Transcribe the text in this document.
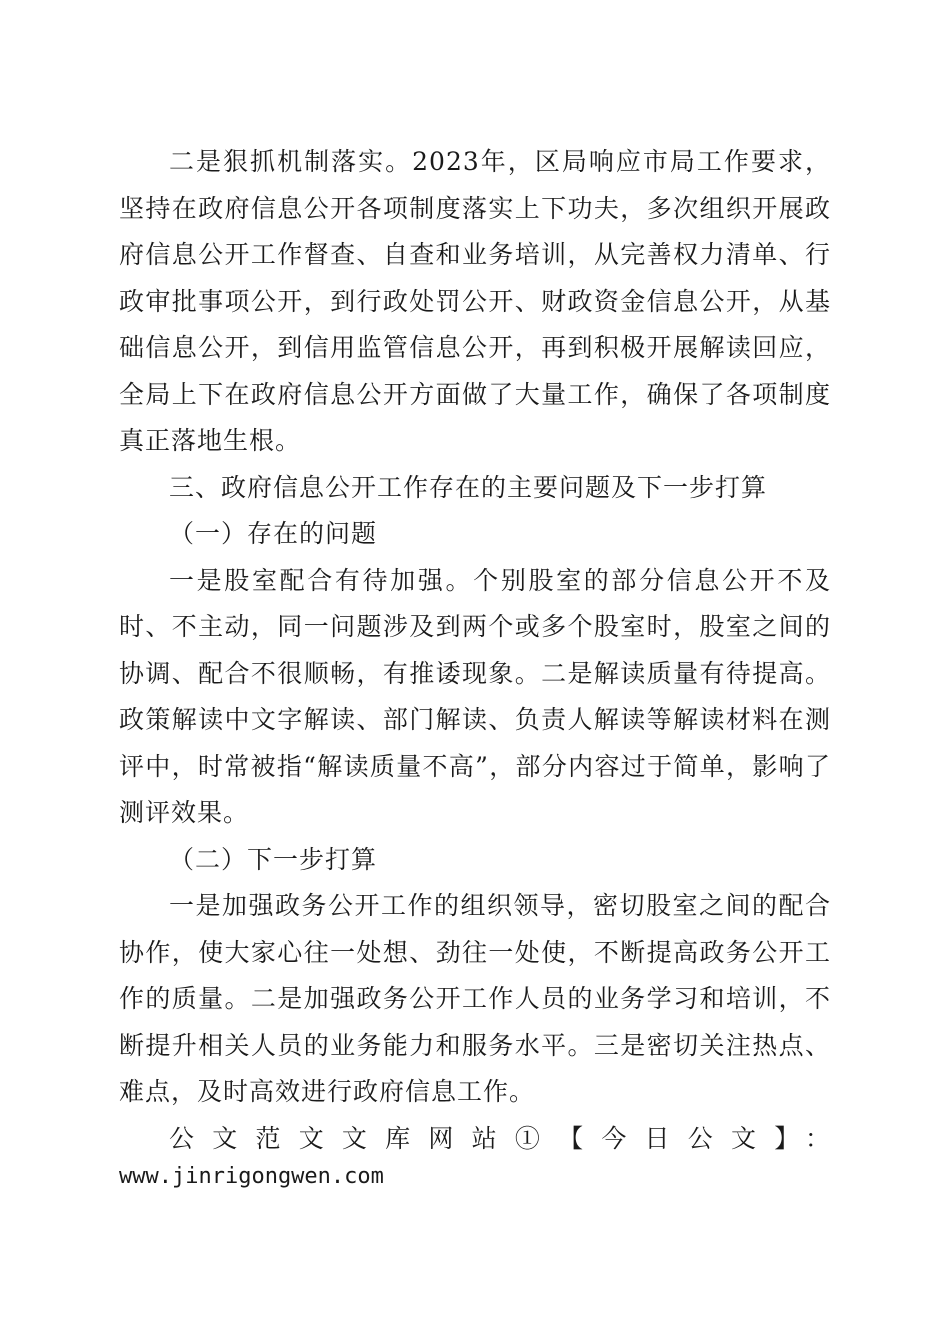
二是狠抓机制落实。2023年，区局响应市局工作要求，坚持在政府信息公开各项制度落实上下功夫，多次组织开展政府信息公开工作督查、自查和业务培训，从完善权力清单、行政审批事项公开，到行政处罚公开、财政资金信息公开，从基础信息公开，到信用监管信息公开，再到积极开展解读回应，全局上下在政府信息公开方面做了大量工作，确保了各项制度真正落地生根。

三、政府信息公开工作存在的主要问题及下一步打算

（一）存在的问题

一是股室配合有待加强。个别股室的部分信息公开不及时、不主动，同一问题涉及到两个或多个股室时，股室之间的协调、配合不很顺畅，有推诿现象。二是解读质量有待提高。政策解读中文字解读、部门解读、负责人解读等解读材料在测评中，时常被指“解读质量不高”，部分内容过于简单，影响了测评效果。

（二）下一步打算

一是加强政务公开工作的组织领导，密切股室之间的配合协作，使大家心往一处想、劲往一处使，不断提高政务公开工作的质量。二是加强政务公开工作人员的业务学习和培训，不断提升相关人员的业务能力和服务水平。三是密切关注热点、难点，及时高效进行政府信息工作。

公文范文文库网站①【今日公文】：

www.jinrigongwen.com
